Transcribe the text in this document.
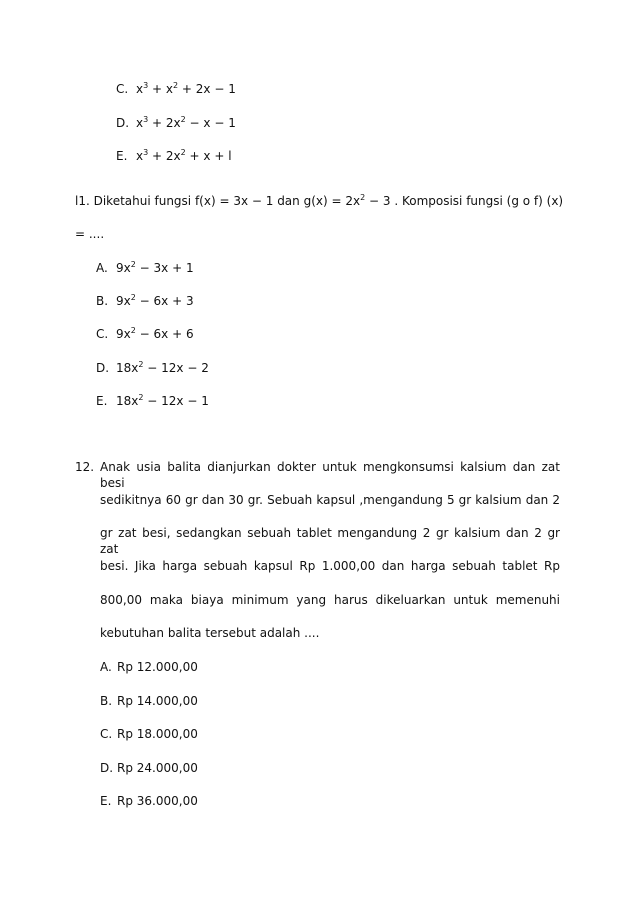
C. $x^3 + x^2 + 2x - 1$
D. $x^3 + 2x^2 - x - 1$
E. $x^3 + 2x^2 + x + l$
l1. Diketahui fungsi f(x) = 3x − 1 dan $g(x) = 2x^2 - 3$ . Komposisi fungsi (g o f) (x)
= ....
A. $9x^2 - 3x + 1$
B. $9x^2 - 6x + 3$
C. $9x^2 - 6x + 6$
D. $18x^2 - 12x - 2$
E. $18x^2 - 12x - 1$
12. Anak usia balita dianjurkan dokter untuk mengkonsumsi kalsium dan zat besi
sedikitnya 60 gr dan 30 gr. Sebuah kapsul ,mengandung 5 gr kalsium dan 2
gr zat besi, sedangkan sebuah tablet mengandung 2 gr kalsium dan 2 gr zat
besi. Jika harga sebuah kapsul Rp 1.000,00 dan harga sebuah tablet Rp
800,00 maka biaya minimum yang harus dikeluarkan untuk memenuhi
kebutuhan balita tersebut adalah ....
A. Rp 12.000,00
B. Rp 14.000,00
C. Rp 18.000,00
D. Rp 24.000,00
E. Rp 36.000,00
